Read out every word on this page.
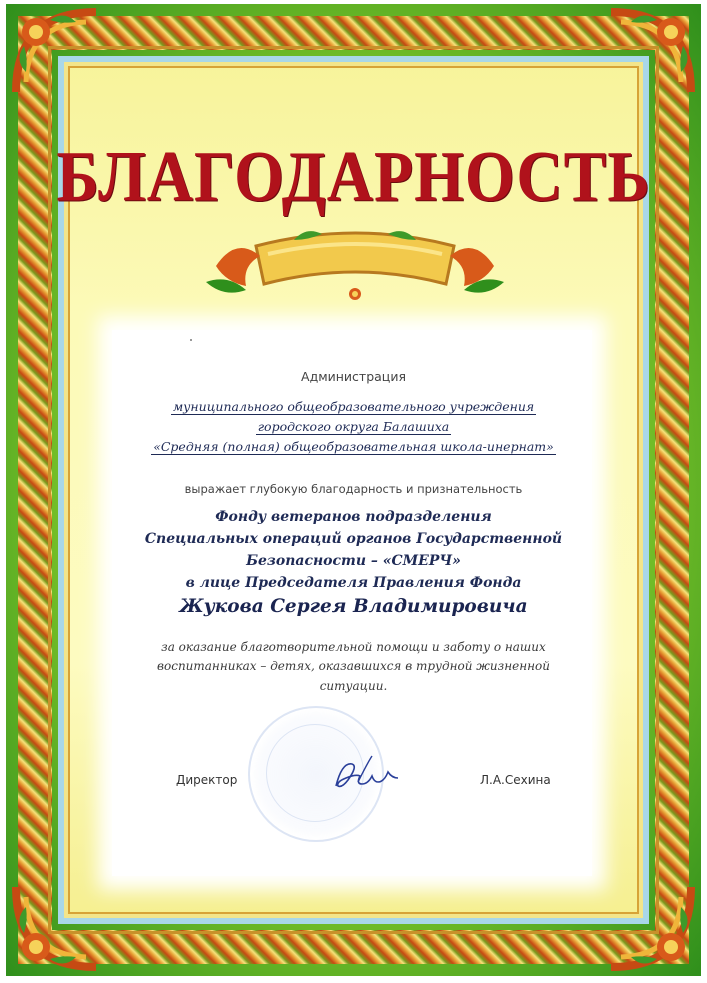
БЛАГОДАРНОСТЬ
Администрация
муниципального общеобразовательного учреждения
городского округа Балашиха
«Средняя (полная) общеобразовательная школа-инернат»
выражает глубокую благодарность и признательность
Фонду ветеранов подразделения
Специальных операций органов Государственной
Безопасности – «СМЕРЧ»
в лице Председателя Правления Фонда
Жукова Сергея Владимировича
за оказание благотворительной помощи и заботу о наших
воспитанниках – детях, оказавшихся в трудной жизненной
ситуации.
Директор	Л.А.Сехина
